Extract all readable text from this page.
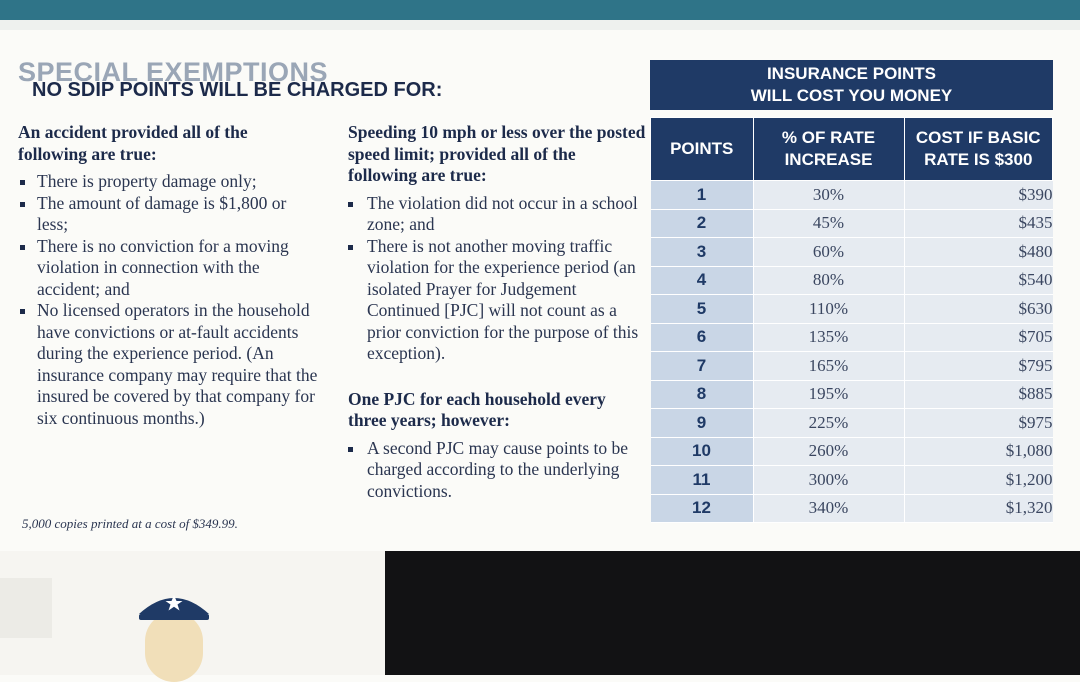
SPECIAL EXEMPTIONS
NO SDIP POINTS WILL BE CHARGED FOR:

An accident provided all of the following are true:

There is property damage only;
The amount of damage is $1,800 or less;
There is no conviction for a moving violation in connection with the accident; and
No licensed operators in the household have convictions or at-fault accidents during the experience period. (An insurance company may require that the insured be covered by that company for six continuous months.)

Speeding 10 mph or less over the posted speed limit; provided all of the following are true:

The violation did not occur in a school zone; and
There is not another moving traffic violation for the experience period (an isolated Prayer for Judgement Continued [PJC] will not count as a prior conviction for the purpose of this exception).

One PJC for each household every three years; however:

A second PJC may cause points to be charged according to the underlying convictions.
5,000 copies printed at a cost of $349.99.
INSURANCE POINTS
WILL COST YOU MONEY
POINTS	% OF RATE INCREASE	COST IF BASIC RATE IS $300
1	30%	$390
2	45%	$435
3	60%	$480
4	80%	$540
5	110%	$630
6	135%	$705
7	165%	$795
8	195%	$885
9	225%	$975
10	260%	$1,080
11	300%	$1,200
12	340%	$1,320
